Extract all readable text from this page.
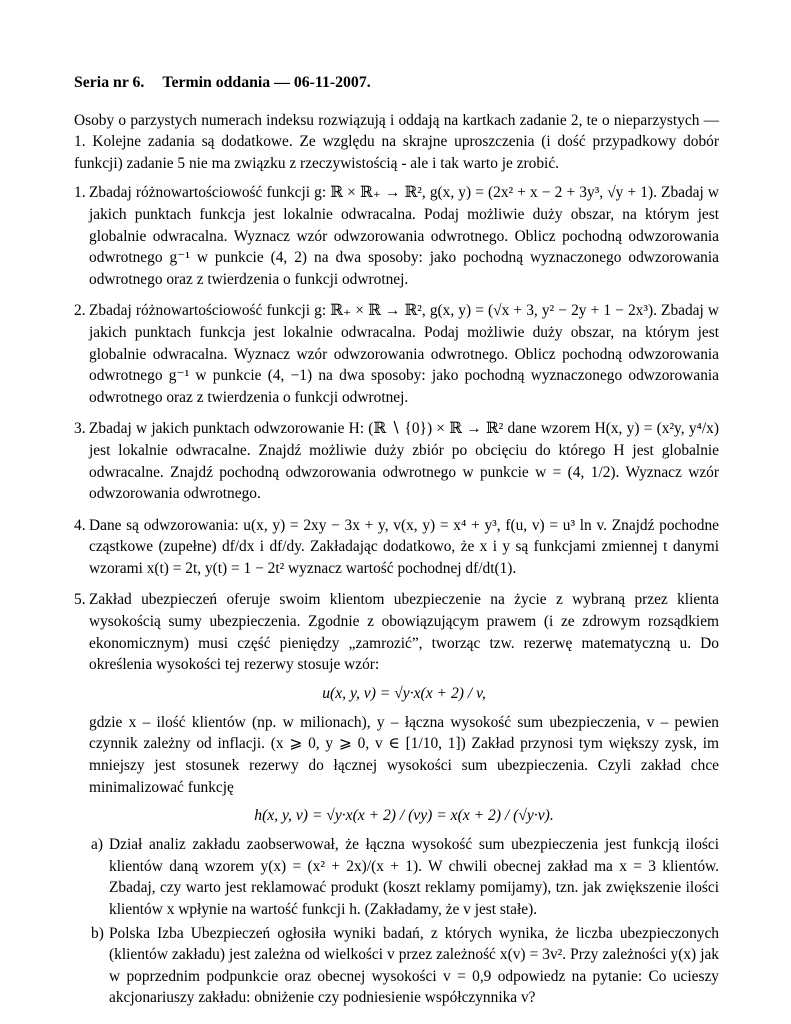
Seria nr 6. Termin oddania — 06-11-2007.

Osoby o parzystych numerach indeksu rozwiązują i oddają na kartkach zadanie 2, te o nieparzystych — 1. Kolejne zadania są dodatkowe. Ze względu na skrajne uproszczenia (i dość przypadkowy dobór funkcji) zadanie 5 nie ma związku z rzeczywistością - ale i tak warto je zrobić.

1. Zbadaj różnowartościowość funkcji g: ℝ × ℝ₊ → ℝ², g(x, y) = (2x² + x − 2 + 3y³, √y + 1). Zbadaj w jakich punktach funkcja jest lokalnie odwracalna. Podaj możliwie duży obszar, na którym jest globalnie odwracalna. Wyznacz wzór odwzorowania odwrotnego. Oblicz pochodną odwzorowania odwrotnego g⁻¹ w punkcie (4, 2) na dwa sposoby: jako pochodną wyznaczonego odwzorowania odwrotnego oraz z twierdzenia o funkcji odwrotnej.
2. Zbadaj różnowartościowość funkcji g: ℝ₊ × ℝ → ℝ², g(x, y) = (√x + 3, y² − 2y + 1 − 2x³). Zbadaj w jakich punktach funkcja jest lokalnie odwracalna. Podaj możliwie duży obszar, na którym jest globalnie odwracalna. Wyznacz wzór odwzorowania odwrotnego. Oblicz pochodną odwzorowania odwrotnego g⁻¹ w punkcie (4, −1) na dwa sposoby: jako pochodną wyznaczonego odwzorowania odwrotnego oraz z twierdzenia o funkcji odwrotnej.
3. Zbadaj w jakich punktach odwzorowanie H: (ℝ ∖ {0}) × ℝ → ℝ² dane wzorem H(x, y) = (x²y, y⁴/x) jest lokalnie odwracalne. Znajdź możliwie duży zbiór po obcięciu do którego H jest globalnie odwracalne. Znajdź pochodną odwzorowania odwrotnego w punkcie w = (4, 1/2). Wyznacz wzór odwzorowania odwrotnego.
4. Dane są odwzorowania: u(x, y) = 2xy − 3x + y, v(x, y) = x⁴ + y³, f(u, v) = u³ ln v. Znajdź pochodne cząstkowe (zupełne) df/dx i df/dy. Zakładając dodatkowo, że x i y są funkcjami zmiennej t danymi wzorami x(t) = 2t, y(t) = 1 − 2t² wyznacz wartość pochodnej df/dt(1).
5. Zakład ubezpieczeń oferuje swoim klientom ubezpieczenie na życie z wybraną przez klienta wysokością sumy ubezpieczenia. Zgodnie z obowiązującym prawem (i ze zdrowym rozsądkiem ekonomicznym) musi część pieniędzy „zamrozić”, tworząc tzw. rezerwę matematyczną u. Do określenia wysokości tej rezerwy stosuje wzór:

u(x, y, v) = √y·x(x + 2) / v,

gdzie x – ilość klientów (np. w milionach), y – łączna wysokość sum ubezpieczenia, v – pewien czynnik zależny od inflacji. (x ⩾ 0, y ⩾ 0, v ∈ [1/10, 1]) Zakład przynosi tym większy zysk, im mniejszy jest stosunek rezerwy do łącznej wysokości sum ubezpieczenia. Czyli zakład chce minimalizować funkcję

h(x, y, v) = √y·x(x + 2) / (vy) = x(x + 2) / (√y·v).
a) Dział analiz zakładu zaobserwował, że łączna wysokość sum ubezpieczenia jest funkcją ilości klientów daną wzorem y(x) = (x² + 2x)/(x + 1). W chwili obecnej zakład ma x = 3 klientów. Zbadaj, czy warto jest reklamować produkt (koszt reklamy pomijamy), tzn. jak zwiększenie ilości klientów x wpłynie na wartość funkcji h. (Zakładamy, że v jest stałe).
b) Polska Izba Ubezpieczeń ogłosiła wyniki badań, z których wynika, że liczba ubezpieczonych (klientów zakładu) jest zależna od wielkości v przez zależność x(v) = 3v². Przy zależności y(x) jak w poprzednim podpunkcie oraz obecnej wysokości v = 0,9 odpowiedz na pytanie: Co ucieszy akcjonariuszy zakładu: obniżenie czy podniesienie współczynnika v?
